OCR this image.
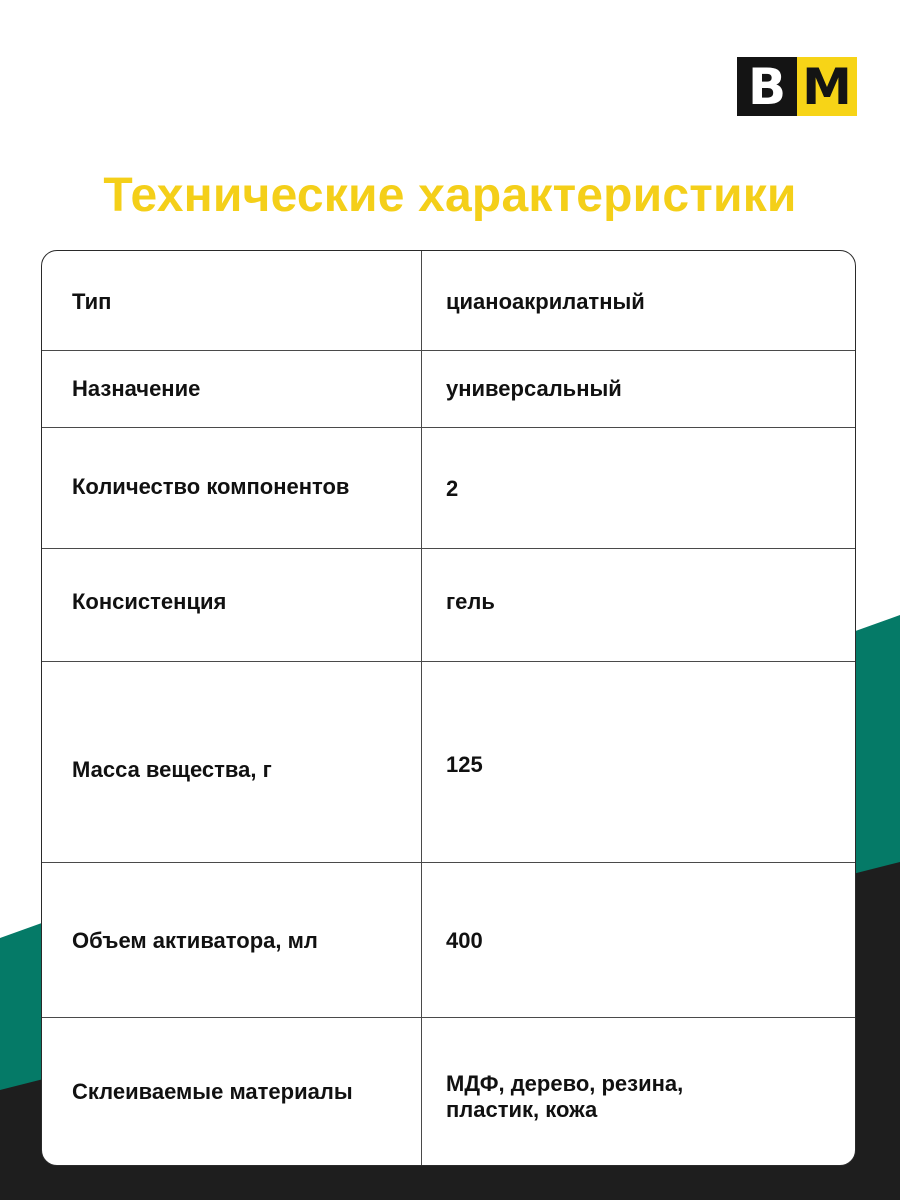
В М
Технические характеристики
Тип	цианоакрилатный
Назначение	универсальный
Количество компонентов	2
Консистенция	гель
Масса вещества, г	125
Объем активатора, мл	400
Склеиваемые материалы	МДФ, дерево, резина, пластик, кожа
